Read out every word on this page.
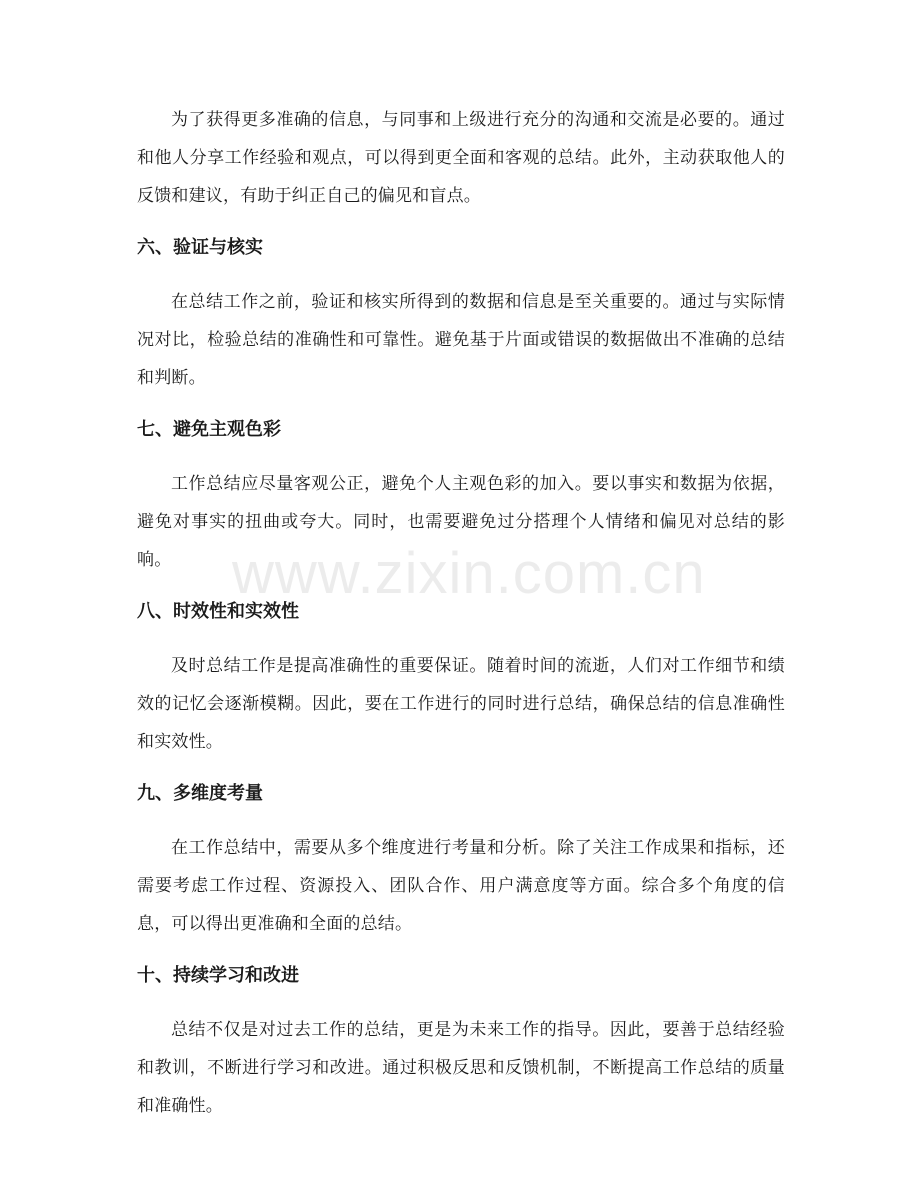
为了获得更多准确的信息，与同事和上级进行充分的沟通和交流是必要的。通过和他人分享工作经验和观点，可以得到更全面和客观的总结。此外，主动获取他人的反馈和建议，有助于纠正自己的偏见和盲点。

六、验证与核实

在总结工作之前，验证和核实所得到的数据和信息是至关重要的。通过与实际情况对比，检验总结的准确性和可靠性。避免基于片面或错误的数据做出不准确的总结和判断。

七、避免主观色彩

工作总结应尽量客观公正，避免个人主观色彩的加入。要以事实和数据为依据，避免对事实的扭曲或夸大。同时，也需要避免过分搭理个人情绪和偏见对总结的影响。

八、时效性和实效性

及时总结工作是提高准确性的重要保证。随着时间的流逝，人们对工作细节和绩效的记忆会逐渐模糊。因此，要在工作进行的同时进行总结，确保总结的信息准确性和实效性。

九、多维度考量

在工作总结中，需要从多个维度进行考量和分析。除了关注工作成果和指标，还需要考虑工作过程、资源投入、团队合作、用户满意度等方面。综合多个角度的信息，可以得出更准确和全面的总结。

十、持续学习和改进

总结不仅是对过去工作的总结，更是为未来工作的指导。因此，要善于总结经验和教训，不断进行学习和改进。通过积极反思和反馈机制，不断提高工作总结的质量和准确性。

www.zixin.com.cn
